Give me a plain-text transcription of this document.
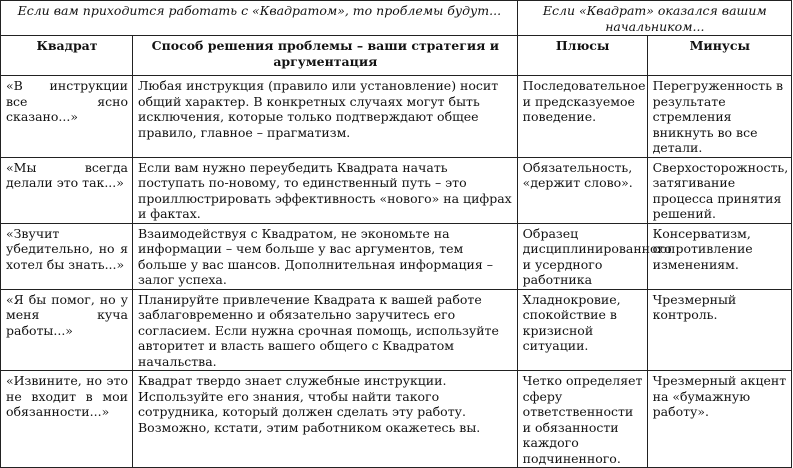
Если вам приходится работать с «Квадратом», то проблемы будут...		Если «Квадрат» оказался вашим начальником...	
Квадрат	Способ решения проблемы – ваши стратегия и аргументация	Плюсы	Минусы
«В инструкции все ясно сказано...»	Любая инструкция (правило или установление) носит общий характер. В конкретных случаях могут быть исключения, которые только подтверждают общее правило, главное – прагматизм.	Последовательное и предсказуемое поведение.	Перегруженность в результате стремления вникнуть во все детали.
«Мы всегда делали это так...»	Если вам нужно переубедить Квадрата начать поступать по-новому, то единственный путь – это проиллюстрировать эффективность «нового» на цифрах и фактах.	Обязательность, «держит слово».	Сверхосторожность, затягивание процесса принятия решений.
«Звучит убедительно, но я хотел бы знать...»	Взаимодействуя с Квадратом, не экономьте на информации – чем больше у вас аргументов, тем больше у вас шансов. Дополнительная информация – залог успеха.	Образец дисциплинированного и усердного работника	Консерватизм, сопротивление изменениям.
«Я бы помог, но у меня куча работы...»	Планируйте привлечение Квадрата к вашей работе заблаговременно и обязательно заручитесь его согласием. Если нужна срочная помощь, используйте авторитет и власть вашего общего с Квадратом начальства.	Хладнокровие, спокойствие в кризисной ситуации.	Чрезмерный контроль.
«Извините, но это не входит в мои обязанности...»	Квадрат твердо знает служебные инструкции. Используйте его знания, чтобы найти такого сотрудника, который должен сделать эту работу. Возможно, кстати, этим работником окажетесь вы.	Четко определяет сферу ответственности и обязанности каждого подчиненного.	Чрезмерный акцент на «бумажную работу».
